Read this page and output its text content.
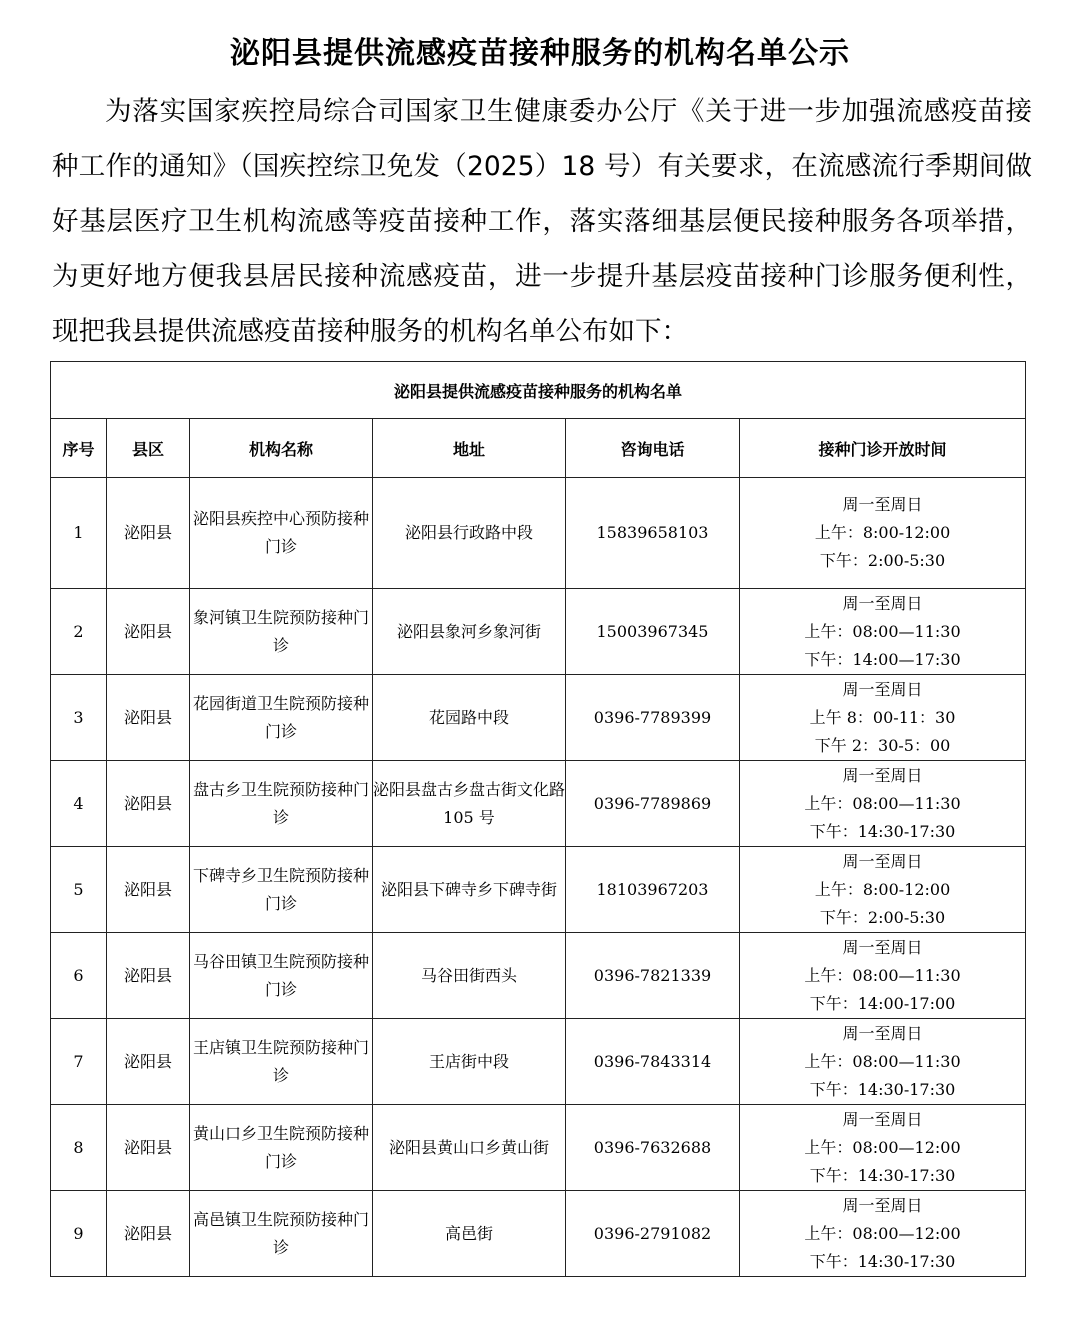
泌阳县提供流感疫苗接种服务的机构名单公示

为落实国家疾控局综合司国家卫生健康委办公厅《关于进一步加强流感疫苗接种工作的通知》（国疾控综卫免发（2025）18 号）有关要求，在流感流行季期间做好基层医疗卫生机构流感等疫苗接种工作，落实落细基层便民接种服务各项举措，为更好地方便我县居民接种流感疫苗，进一步提升基层疫苗接种门诊服务便利性，现把我县提供流感疫苗接种服务的机构名单公布如下：

泌阳县提供流感疫苗接种服务的机构名单					
序号	县区	机构名称	地址	咨询电话	接种门诊开放时间
1	泌阳县	泌阳县疾控中心预防接种门诊	泌阳县行政路中段	15839658103	周一至周日
上午：8:00-12:00
下午：2:00-5:30

2	泌阳县	象河镇卫生院预防接种门诊	泌阳县象河乡象河街	15003967345	周一至周日
上午：08:00—11:30
下午：14:00—17:30

3	泌阳县	花园街道卫生院预防接种门诊	花园路中段	0396-7789399	周一至周日
上午 8：00-11：30
下午 2：30-5：00

4	泌阳县	盘古乡卫生院预防接种门诊	泌阳县盘古乡盘古街文化路 105 号	0396-7789869	周一至周日
上午：08:00—11:30
下午：14:30-17:30

5	泌阳县	下碑寺乡卫生院预防接种门诊	泌阳县下碑寺乡下碑寺街	18103967203	周一至周日
上午：8:00-12:00
下午：2:00-5:30

6	泌阳县	马谷田镇卫生院预防接种门诊	马谷田街西头	0396-7821339	周一至周日
上午：08:00—11:30
下午：14:00-17:00

7	泌阳县	王店镇卫生院预防接种门诊	王店街中段	0396-7843314	周一至周日
上午：08:00—11:30
下午：14:30-17:30

8	泌阳县	黄山口乡卫生院预防接种门诊	泌阳县黄山口乡黄山街	0396-7632688	周一至周日
上午：08:00—12:00
下午：14:30-17:30

9	泌阳县	高邑镇卫生院预防接种门诊	高邑街	0396-2791082	周一至周日
上午：08:00—12:00
下午：14:30-17:30
